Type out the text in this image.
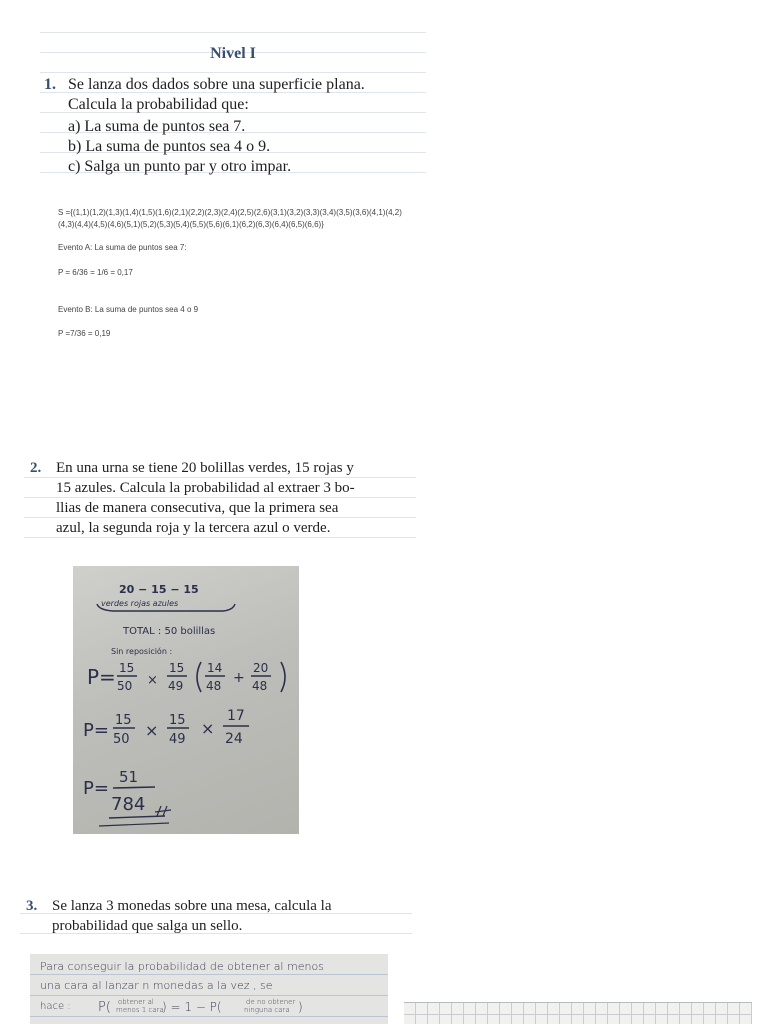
Nivel I
1. Se lanza dos dados sobre una superficie plana.
Calcula la probabilidad que:
a) La suma de puntos sea 7.
b) La suma de puntos sea 4 o 9.
c) Salga un punto par y otro impar.
S ={(1,1)(1,2)(1,3)(1,4)(1,5)(1,6)(2,1)(2,2)(2,3)(2,4)(2,5)(2,6)(3,1)(3,2)(3,3)(3,4)(3,5)(3,6)(4,1)(4,2)
(4,3)(4,4)(4,5)(4,6)(5,1)(5,2)(5,3)(5,4)(5,5)(5,6)(6,1)(6,2)(6,3)(6,4)(6,5)(6,6)}
Evento A: La suma de puntos sea 7:
P = 6/36 = 1/6 = 0,17
Evento B: La suma de puntos sea 4 o 9
P =7/36 = 0,19
2. En una urna se tiene 20 bolillas verdes, 15 rojas y
15 azules. Calcula la probabilidad al extraer 3 bo-
llias de manera consecutiva, que la primera sea
azul, la segunda roja y la tercera azul o verde.
20 − 15 − 15
verdes rojas azules
TOTAL : 50 bolillas
Sin reposición :
P= 15
50 ×
15
49
14
48 +
20
48
P= 15
50 ×
15
49
×
17
24
P=
51
784
3. Se lanza 3 monedas sobre una mesa, calcula la
probabilidad que salga un sello.
Para conseguir la probabilidad de obtener al menos
una cara al lanzar n monedas a la vez , se
hace : P( obtener al
menos 1 cara
) = 1 − P(	de no obtener
ninguna cara )
